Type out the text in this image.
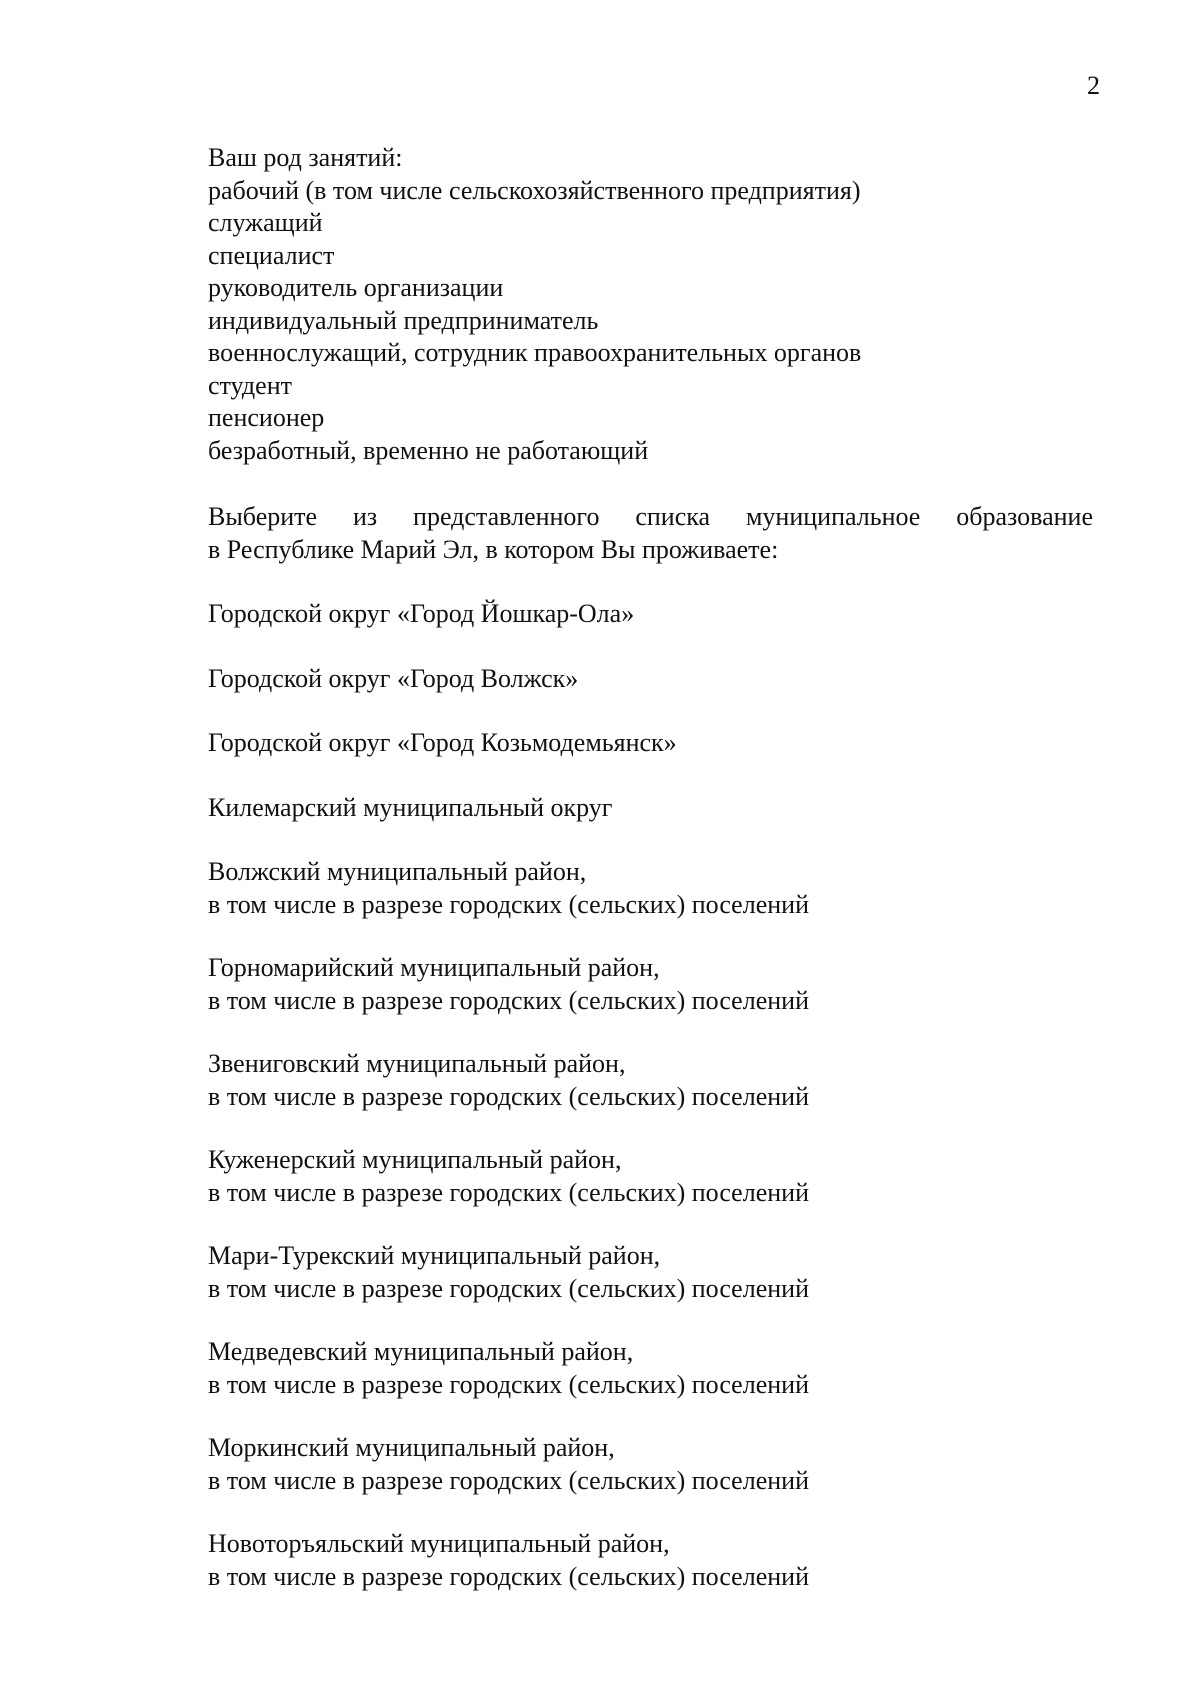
2
Ваш род занятий:
рабочий (в том числе сельскохозяйственного предприятия)
служащий
специалист
руководитель организации
индивидуальный предприниматель
военнослужащий, сотрудник правоохранительных органов
студент
пенсионер
безработный, временно не работающий
Выберите из представленного списка муниципальное образование
в Республике Марий Эл, в котором Вы проживаете:
Городской округ «Город Йошкар-Ола»
Городской округ «Город Волжск»
Городской округ «Город Козьмодемьянск»
Килемарский муниципальный округ
Волжский муниципальный район,
в том числе в разрезе городских (сельских) поселений
Горномарийский муниципальный район,
в том числе в разрезе городских (сельских) поселений
Звениговский муниципальный район,
в том числе в разрезе городских (сельских) поселений
Куженерский муниципальный район,
в том числе в разрезе городских (сельских) поселений
Мари-Турекский муниципальный район,
в том числе в разрезе городских (сельских) поселений
Медведевский муниципальный район,
в том числе в разрезе городских (сельских) поселений
Моркинский муниципальный район,
в том числе в разрезе городских (сельских) поселений
Новоторъяльский муниципальный район,
в том числе в разрезе городских (сельских) поселений
